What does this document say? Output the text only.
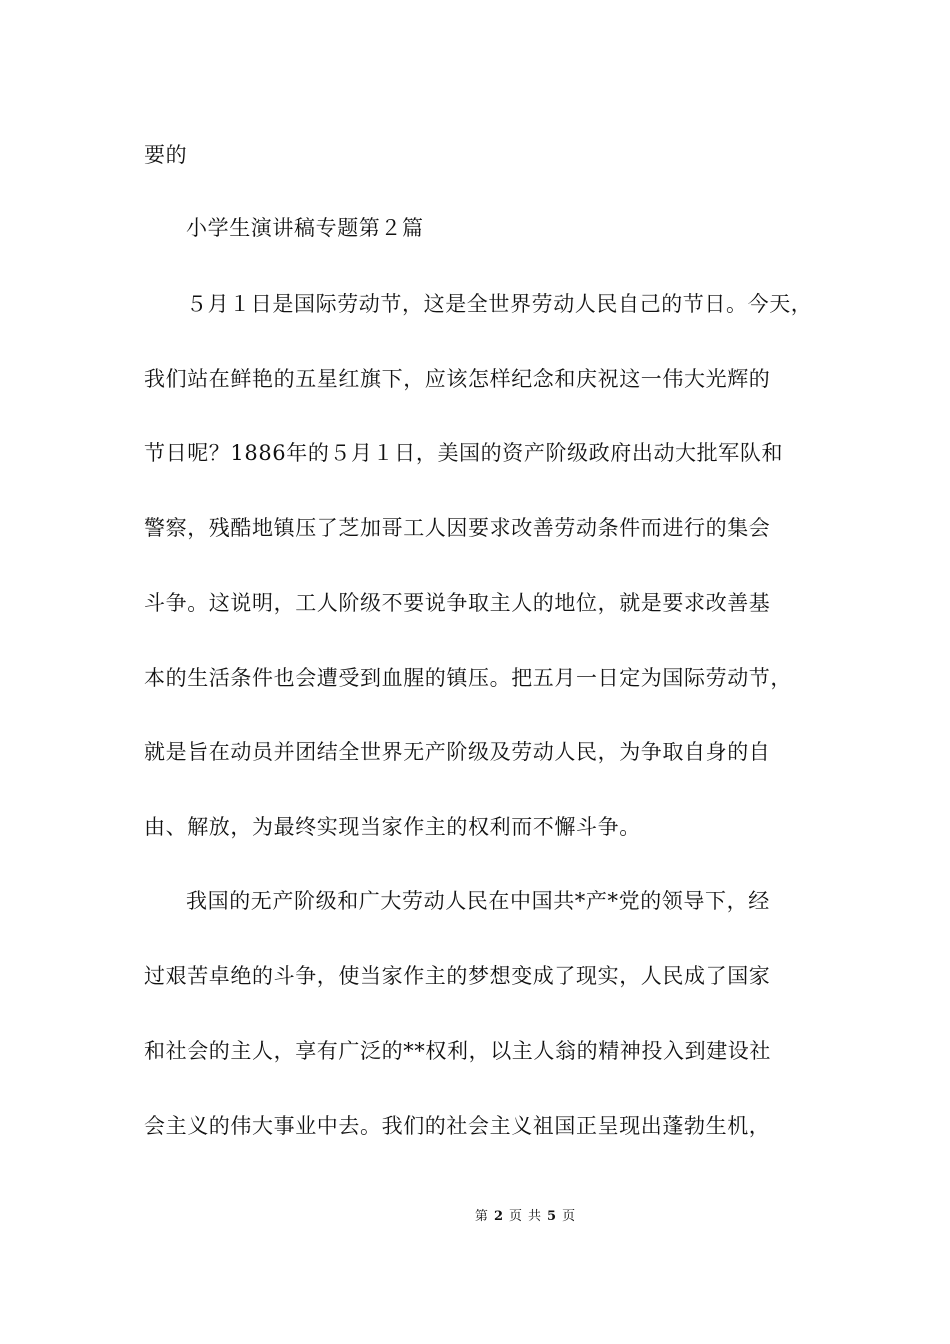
要的
小学生演讲稿专题第２篇
５月１日是国际劳动节，这是全世界劳动人民自己的节日。今天，
我们站在鲜艳的五星红旗下，应该怎样纪念和庆祝这一伟大光辉的
节日呢？1886年的５月１日，美国的资产阶级政府出动大批军队和
警察，残酷地镇压了芝加哥工人因要求改善劳动条件而进行的集会
斗争。这说明，工人阶级不要说争取主人的地位，就是要求改善基
本的生活条件也会遭受到血腥的镇压。把五月一日定为国际劳动节，
就是旨在动员并团结全世界无产阶级及劳动人民，为争取自身的自
由、解放，为最终实现当家作主的权利而不懈斗争。
我国的无产阶级和广大劳动人民在中国共*产*党的领导下，经
过艰苦卓绝的斗争，使当家作主的梦想变成了现实，人民成了国家
和社会的主人，享有广泛的**权利，以主人翁的精神投入到建设社
会主义的伟大事业中去。我们的社会主义祖国正呈现出蓬勃生机，
第 2 页 共 5 页
